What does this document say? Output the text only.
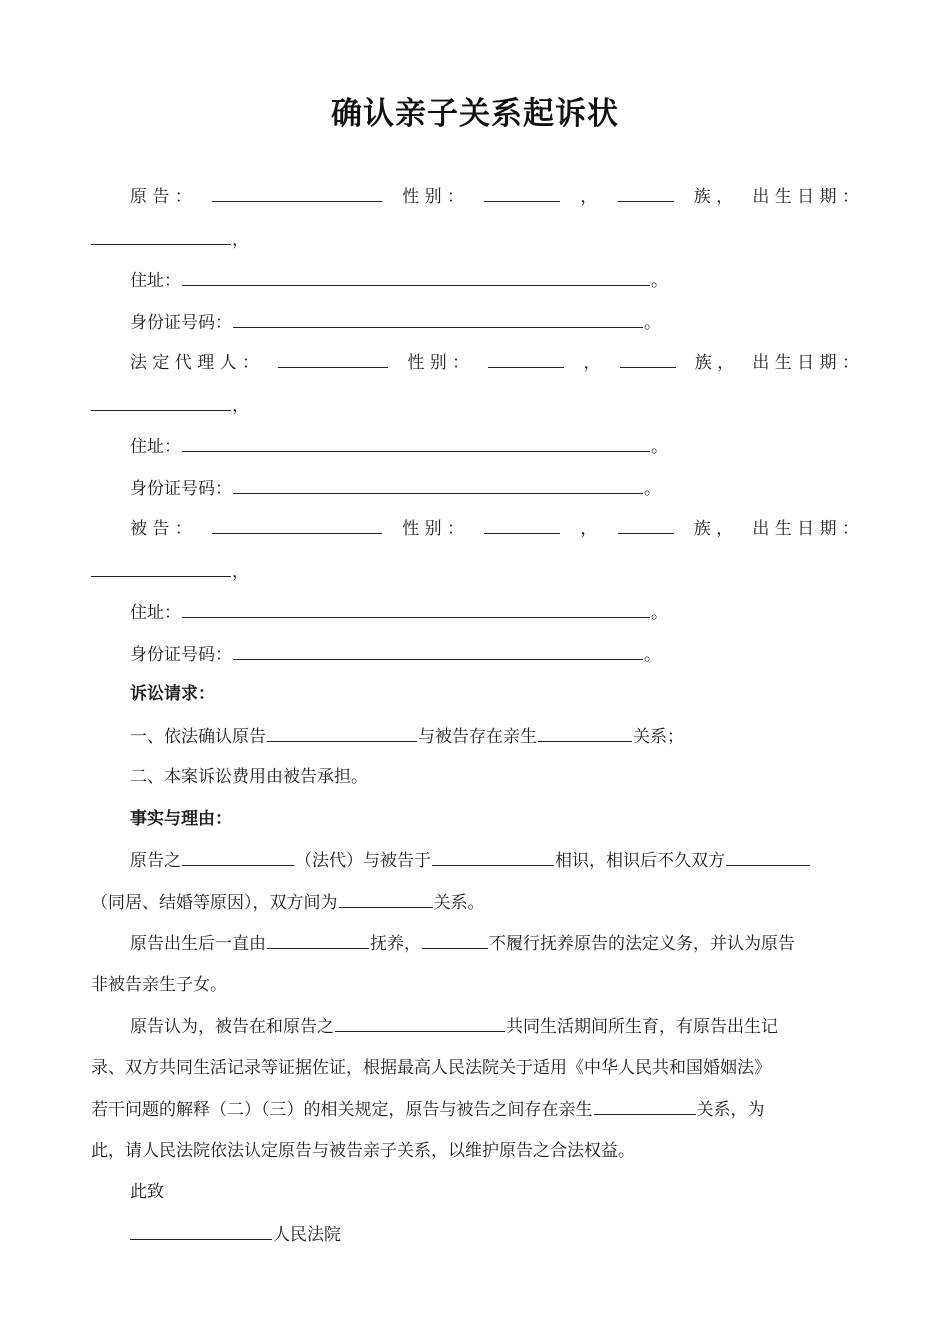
确认亲子关系起诉状
原 告 ：	性 别 ：	，	族 ， 出 生 日 期 ：
，
住址：	。
身份证号码：	。
法 定 代 理 人 ：	性 别 ：	，	族 ， 出 生 日 期 ：
，
住址：	。
身份证号码：	。
被 告 ：	性 别 ：	，	族 ， 出 生 日 期 ：
，
住址：	。
身份证号码：	。
诉讼请求：
一、依法确认原告	与被告存在亲生	关系；
二、本案诉讼费用由被告承担。
事实与理由：
原告之	（法代）与被告于	相识，相识后不久双方
（同居、结婚等原因），双方间为	关系。
原告出生后一直由	抚养，	不履行抚养原告的法定义务，并认为原告
非被告亲生子女。
原告认为，被告在和原告之	共同生活期间所生育，有原告出生记
录、双方共同生活记录等证据佐证，根据最高人民法院关于适用《中华人民共和国婚姻法》
若干问题的解释（二）（三）的相关规定，原告与被告之间存在亲生	关系，为
此，请人民法院依法认定原告与被告亲子关系，以维护原告之合法权益。
此致
人民法院
